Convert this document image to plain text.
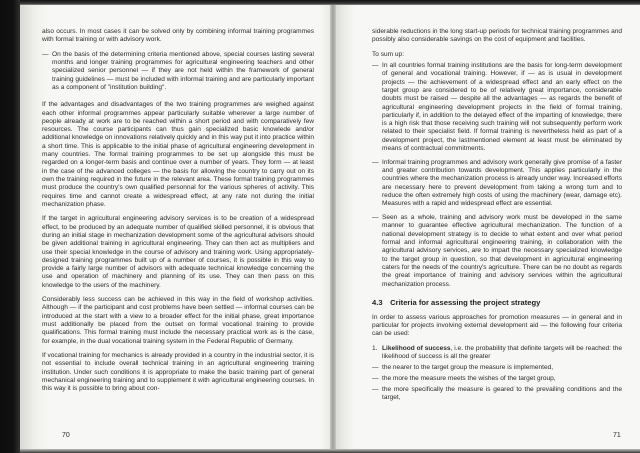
also occurs. In most cases it can be solved only by combining informal training programmes with formal training or with advisory work.

— On the basis of the determining criteria mentioned above, special courses lasting several months and longer training programmes for agricultural engineering teachers and other specialized senior personnel — if they are not held within the framework of general training guidelines — must be included with informal training and are particularly important as a component of "institution building".

If the advantages and disadvantages of the two training programmes are weighed against each other informal programmes appear particularly suitable wherever a large number of people already at work are to be reached within a short period and with comparatively few resources. The course participants can thus gain specialized basic knowlede and/or additional knowledge on innovations relatively quickly and in this way put it into practice within a short time. This is applicable to the initial phase of agricultural engineering development in many countries. The formal training programmes to be set up alongside this must be regarded on a longer-term basis and continue over a number of years. They form — at least in the case of the advanced colleges — the basis for allowing the country to carry out on its own the training required in the future in the relevant area. These formal training programmes must produce the country's own qualified personnal for the various spheres of activity. This requires time and cannot create a widespread effect, at any rate not during the initial mechanization phase.

If the target in agricultural engineering advisory services is to be creation of a widespread effect, to be produced by an adequate number of qualified skilled personnel, it is obvious that during an initial stage in mechanization development some of the agricultural advisors should be given additional training in agricultural engineering. They can then act as multipliers and use their special knowledge in the course of advisory and training work. Using appropriately-designed training programmes built up of a number of courses, it is possible in this way to provide a fairly large number of advisors with adequate technical knowledge concerning the use and operation of machinery and planning of its use. They can then pass on this knowledge to the users of the machinery.

Considerably less success can be achieved in this way in the field of workshop activities. Although — if the participant and cost problems have been settled — informal courses can be introduced at the start with a view to a broader effect for the initial phase, great importance must additionally be placed from the outset on formal vocational training to provide qualifications. This formal training must include the necessary practical work as is the case, for example, in the dual vocational training system in the Federal Republic of Germany.

If vocational training for mechanics is already provided in a country in the industrial sector, it is not essential to include overall technical training in an agricultural engineering training institution. Under such conditions it is appropriate to make the basic training part of general mechanical engineering training and to supplement it with agricultural engineering courses. In this way it is possible to bring about con-

70

siderable reductions in the long start-up periods for technical training programmes and possibly also considerable savings on the cost of equipment and facilities.

To sum up:

— In all countries formal training institutions are the basis for long-term development of general and vocational training. However, if — as is usual in development projects — the achievement of a widespread effect and an early effect on the target group are considered to be of relatively great importance, considerable doubts must be raised — despite all the advantages — as regards the benefit of agricultural engineering development projects in the field of formal training, particularly if, in addition to the delayed effect of the imparting of knowledge, there is a high risk that those receiving such training will not subsequently perform work related to their specialist field. If formal training is nevertheless held as part of a development project, the lastmentioned element at least must be eliminated by means of contractual commitments.
— Informal training programmes and advisory work generally give promise of a faster and greater contribution towards development. This applies particularly in the countries where the mechanization process is already under way. Increased efforts are necessary here to prevent development from taking a wrong turn and to reduce the often extremely high costs of using the machinery (wear, damage etc). Measures with a rapid and widespread effect are essential.
— Seen as a whole, training and advisory work must be developed in the same manner to guarantee effective agricultural mechanization. The function of a national development strategy is to decide to what extent and over what period formal and informal agricultural engineering training, in collaboration with the agricultural advisory services, are to impart the necessary specialized knowledge to the target group in question, so that development in agricultural engineering caters for the needs of the country's agriculture. There can be no doubt as regards the great importance of training and advisory services within the agricultural mechanization process.
4.3 Criteria for assessing the project strategy

In order to assess various approaches for promotion measures — in general and in particular for projects involving external development aid — the following four criteria can be used:

1. Likelihood of success, i.e. the probability that definite targets will be reached: the likelihood of success is all the greater
— the nearer to the target group the measure is implemented,
— the more the measure meets the wishes of the target group,
— the more specifically the measure is geared to the prevailing conditions and the target,
71
